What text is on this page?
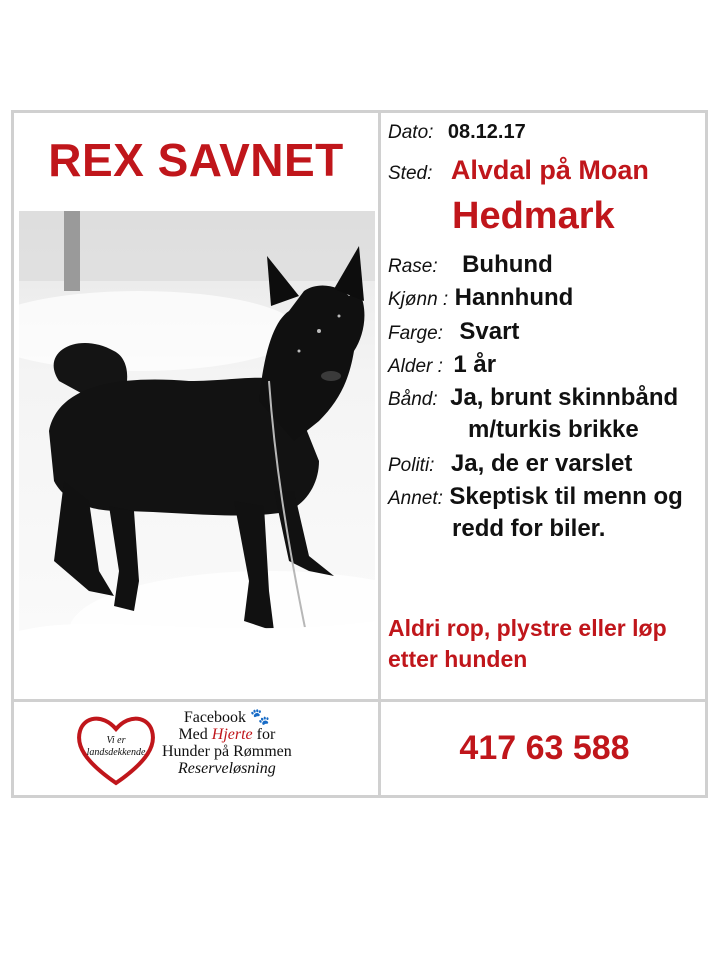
REX SAVNET
Dato: 08.12.17
Sted: Alvdal på Moan
Hedmark
Rase: Buhund
Kjønn : Hannhund
Farge: Svart
Alder : 1 år
Bånd: Ja, brunt skinnbånd
m/turkis brikke
Politi: Ja, de er varslet
Annet: Skeptisk til menn og
redd for biler.
Aldri rop, plystre eller løp etter hunden
Vi er
landsdekkende
Facebook 🐾
Med Hjerte for
Hunder på Rømmen
Reserveløsning
417 63 588
